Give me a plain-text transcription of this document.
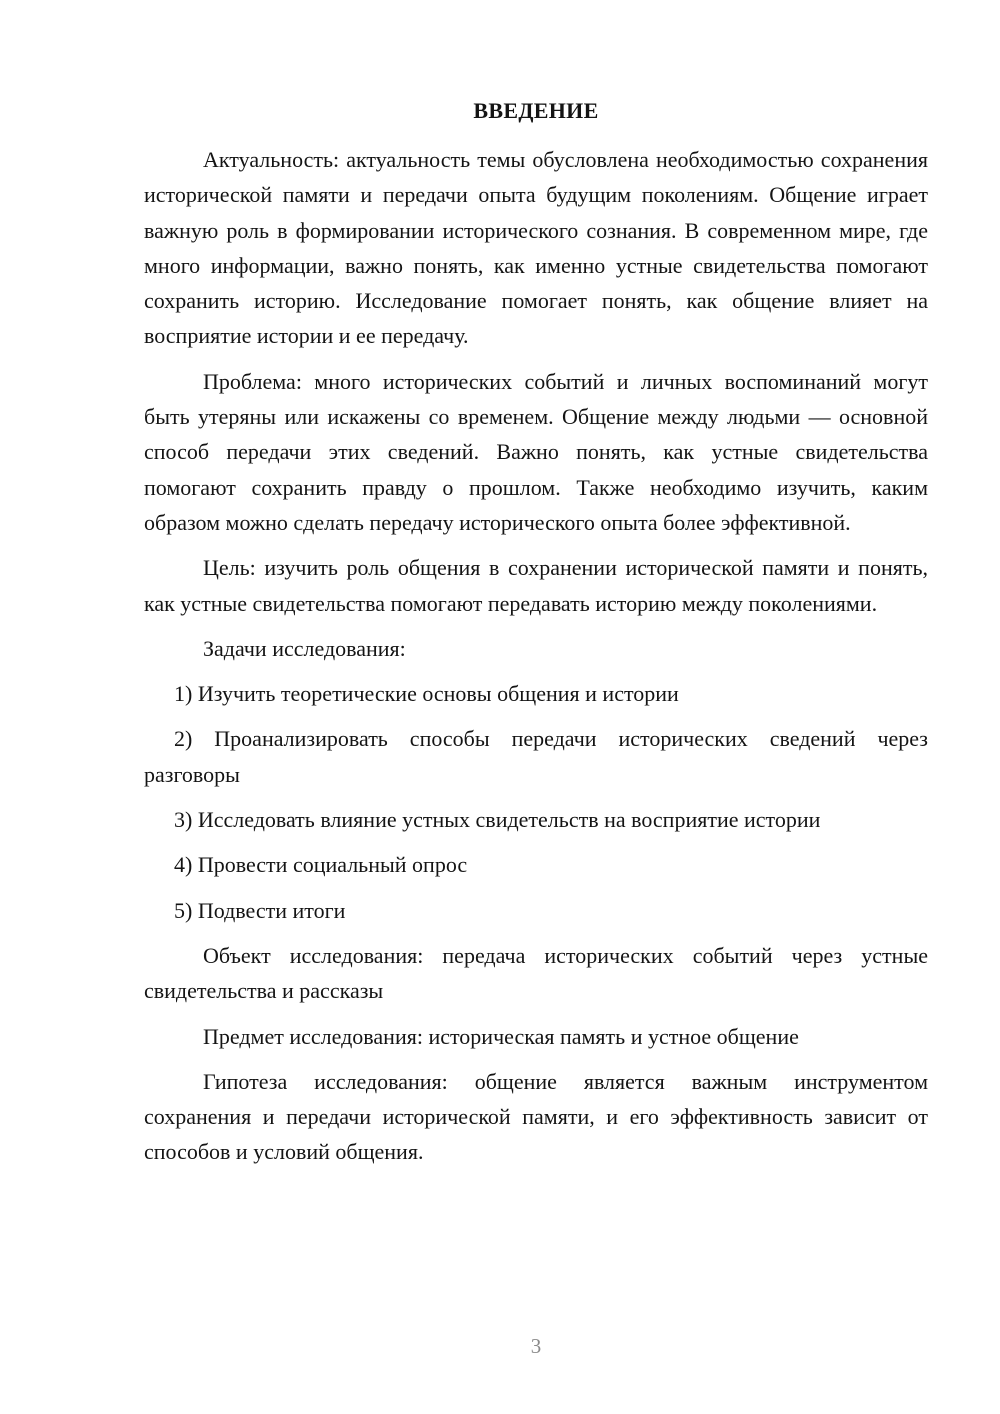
ВВЕДЕНИЕ

Актуальность: актуальность темы обусловлена необходимостью сохранения исторической памяти и передачи опыта будущим поколениям. Общение играет важную роль в формировании исторического сознания. В современном мире, где много информации, важно понять, как именно устные свидетельства помогают сохранить историю. Исследование помогает понять, как общение влияет на восприятие истории и ее передачу.

Проблема: много исторических событий и личных воспоминаний могут быть утеряны или искажены со временем. Общение между людьми — основной способ передачи этих сведений. Важно понять, как устные свидетельства помогают сохранить правду о прошлом. Также необходимо изучить, каким образом можно сделать передачу исторического опыта более эффективной.

Цель: изучить роль общения в сохранении исторической памяти и понять, как устные свидетельства помогают передавать историю между поколениями.

Задачи исследования:

1) Изучить теоретические основы общения и истории

2) Проанализировать способы передачи исторических сведений через разговоры

3) Исследовать влияние устных свидетельств на восприятие истории

4) Провести социальный опрос

5) Подвести итоги

Объект исследования: передача исторических событий через устные свидетельства и рассказы

Предмет исследования: историческая память и устное общение

Гипотеза исследования: общение является важным инструментом сохранения и передачи исторической памяти, и его эффективность зависит от способов и условий общения.

3
